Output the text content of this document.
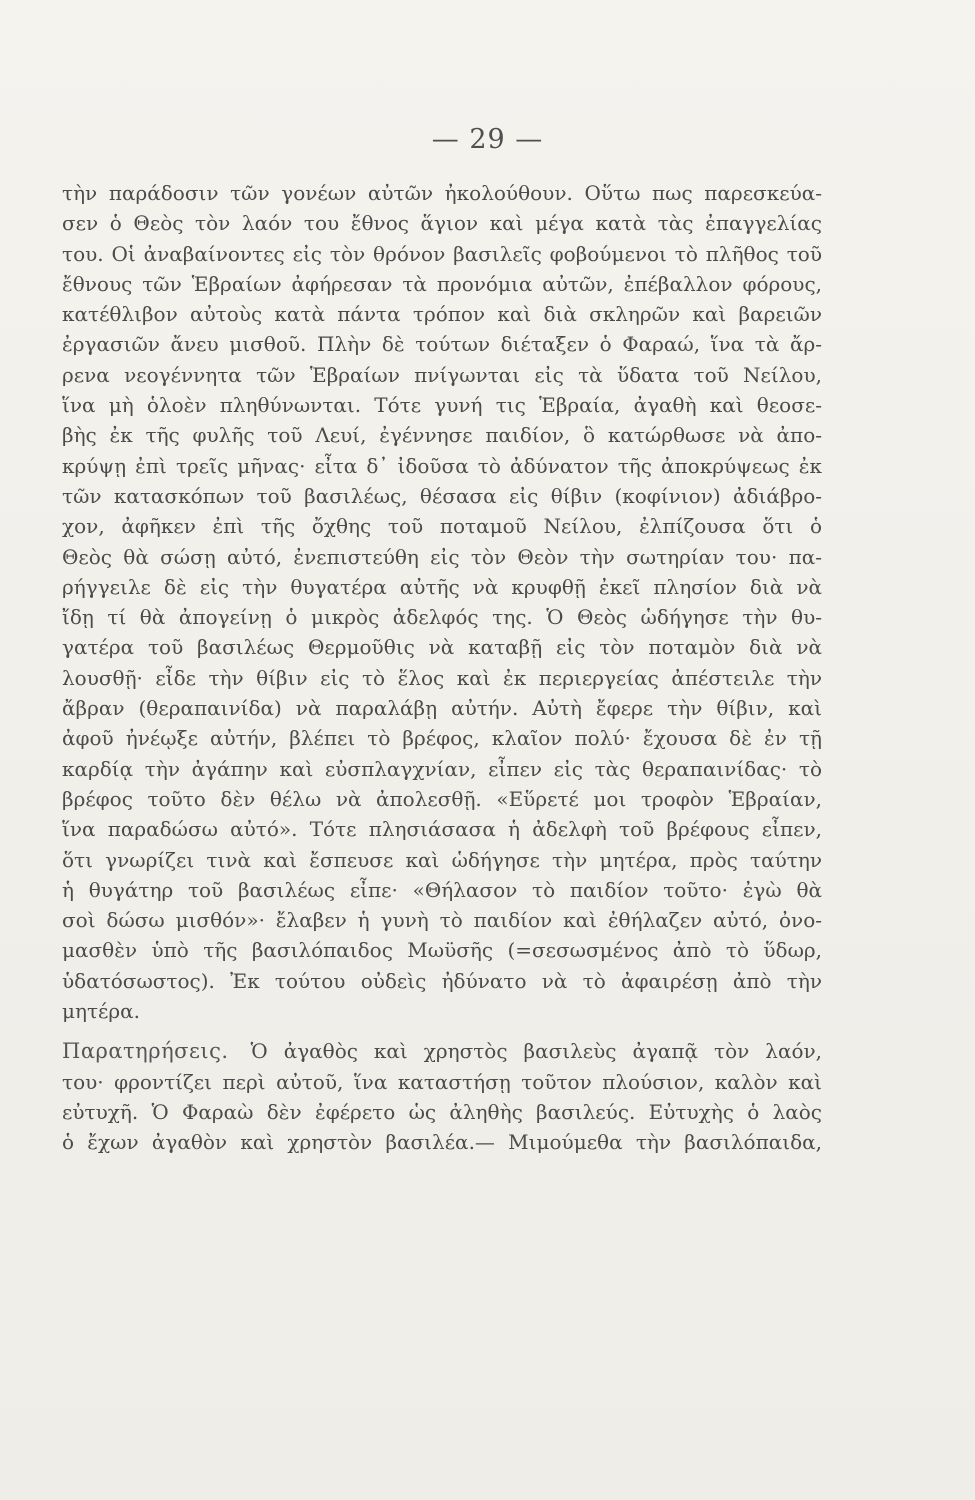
— 29 —
τὴν παράδοσιν τῶν γονέων αὐτῶν ἠκολούθουν. Οὕτω πως παρεσκεύα-
σεν ὁ Θεὸς τὸν λαόν του ἔθνος ἅγιον καὶ μέγα κατὰ τὰς ἐπαγγελίας
του. Οἱ ἀναβαίνοντες εἰς τὸν θρόνον βασιλεῖς φοβούμενοι τὸ πλῆθος τοῦ
ἔθνους τῶν Ἑβραίων ἀφήρεσαν τὰ προνόμια αὐτῶν, ἐπέβαλλον φόρους,
κατέθλιβον αὐτοὺς κατὰ πάντα τρόπον καὶ διὰ σκληρῶν καὶ βαρειῶν
ἐργασιῶν ἄνευ μισθοῦ. Πλὴν δὲ τούτων διέταξεν ὁ Φαραώ, ἵνα τὰ ἄρ-
ρενα νεογέννητα τῶν Ἑβραίων πνίγωνται εἰς τὰ ὕδατα τοῦ Νείλου,
ἵνα μὴ ὁλοὲν πληθύνωνται. Τότε γυνή τις Ἑβραία, ἀγαθὴ καὶ θεοσε-
βὴς ἐκ τῆς φυλῆς τοῦ Λευί, ἐγέννησε παιδίον, ὃ κατώρθωσε νὰ ἀπο-
κρύψῃ ἐπὶ τρεῖς μῆνας· εἶτα δ᾽ ἰδοῦσα τὸ ἀδύνατον τῆς ἀποκρύψεως ἐκ
τῶν κατασκόπων τοῦ βασιλέως, θέσασα εἰς θίβιν (κοφίνιον) ἀδιάβρο-
χον, ἀφῆκεν ἐπὶ τῆς ὄχθης τοῦ ποταμοῦ Νείλου, ἐλπίζουσα ὅτι ὁ
Θεὸς θὰ σώσῃ αὐτό, ἐνεπιστεύθη εἰς τὸν Θεὸν τὴν σωτηρίαν του· πα-
ρήγγειλε δὲ εἰς τὴν θυγατέρα αὐτῆς νὰ κρυφθῇ ἐκεῖ πλησίον διὰ νὰ
ἴδῃ τί θὰ ἀπογείνῃ ὁ μικρὸς ἀδελφός της. Ὁ Θεὸς ὡδήγησε τὴν θυ-
γατέρα τοῦ βασιλέως Θερμοῦθις νὰ καταβῇ εἰς τὸν ποταμὸν διὰ νὰ
λουσθῇ· εἶδε τὴν θίβιν εἰς τὸ ἕλος καὶ ἐκ περιεργείας ἀπέστειλε τὴν
ἄβραν (θεραπαινίδα) νὰ παραλάβῃ αὐτήν. Αὐτὴ ἔφερε τὴν θίβιν, καὶ
ἀφοῦ ἠνέῳξε αὐτήν, βλέπει τὸ βρέφος, κλαῖον πολύ· ἔχουσα δὲ ἐν τῇ
καρδίᾳ τὴν ἀγάπην καὶ εὐσπλαγχνίαν, εἶπεν εἰς τὰς θεραπαινίδας· τὸ
βρέφος τοῦτο δὲν θέλω νὰ ἀπολεσθῇ. «Εὕρετέ μοι τροφὸν Ἑβραίαν,
ἵνα παραδώσω αὐτό». Τότε πλησιάσασα ἡ ἀδελφὴ τοῦ βρέφους εἶπεν,
ὅτι γνωρίζει τινὰ καὶ ἔσπευσε καὶ ὡδήγησε τὴν μητέρα, πρὸς ταύτην
ἡ θυγάτηρ τοῦ βασιλέως εἶπε· «Θήλασον τὸ παιδίον τοῦτο· ἐγὼ θὰ
σοὶ δώσω μισθόν»· ἔλαβεν ἡ γυνὴ τὸ παιδίον καὶ ἐθήλαζεν αὐτό, ὀνο-
μασθὲν ὑπὸ τῆς βασιλόπαιδος Μωϋσῆς (=σεσωσμένος ἀπὸ τὸ ὕδωρ,
ὑδατόσωστος). Ἐκ τούτου οὐδεὶς ἠδύνατο νὰ τὸ ἀφαιρέσῃ ἀπὸ τὴν
μητέρα.
Παρατηρήσεις. Ὁ ἀγαθὸς καὶ χρηστὸς βασιλεὺς ἀγαπᾷ τὸν λαόν,
του· φροντίζει περὶ αὐτοῦ, ἵνα καταστήσῃ τοῦτον πλούσιον, καλὸν καὶ
εὐτυχῆ. Ὁ Φαραὼ δὲν ἐφέρετο ὡς ἀληθὴς βασιλεύς. Εὐτυχὴς ὁ λαὸς
ὁ ἔχων ἀγαθὸν καὶ χρηστὸν βασιλέα.— Μιμούμεθα τὴν βασιλόπαιδα,
